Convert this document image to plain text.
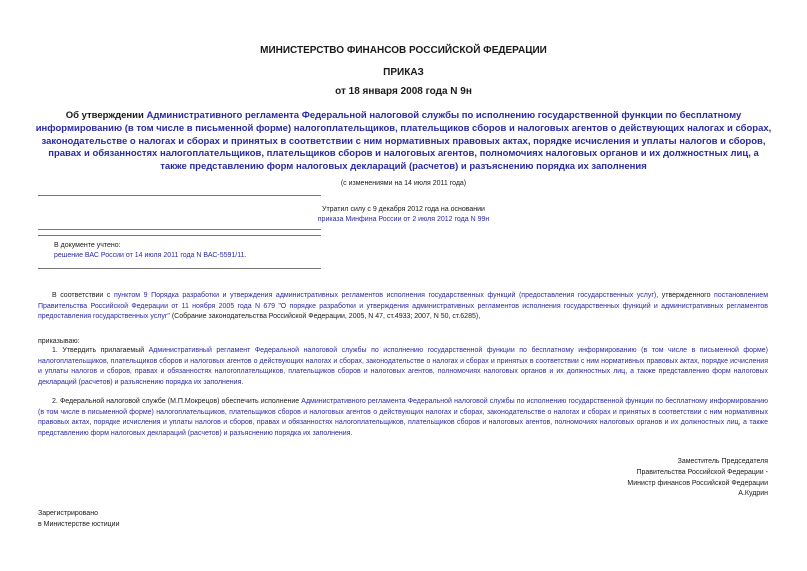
МИНИСТЕРСТВО ФИНАНСОВ РОССИЙСКОЙ ФЕДЕРАЦИИ
ПРИКАЗ
от 18 января 2008 года N 9н
Об утверждении Административного регламента Федеральной налоговой службы по исполнению государственной функции по бесплатному информированию (в том числе в письменной форме) налогоплательщиков, плательщиков сборов и налоговых агентов о действующих налогах и сборах, законодательстве о налогах и сборах и принятых в соответствии с ним нормативных правовых актах, порядке исчисления и уплаты налогов и сборов, правах и обязанностях налогоплательщиков, плательщиков сборов и налоговых агентов, полномочиях налоговых органов и их должностных лиц, а также представлению форм налоговых деклараций (расчетов) и разъяснению порядка их заполнения
(с изменениями на 14 июля 2011 года)
Утратил силу с 9 декабря 2012 года на основании
приказа Минфина России от 2 июля 2012 года N 99н
В документе учтено:
решение ВАС России от 14 июля 2011 года N ВАС-5591/11.
В соответствии с пунктом 9 Порядка разработки и утверждения административных регламентов исполнения государственных функций (предоставления государственных услуг), утвержденного постановлением Правительства Российской Федерации от 11 ноября 2005 года N 679 "О порядке разработки и утверждения административных регламентов исполнения государственных функций и административных регламентов предоставления государственных услуг" (Собрание законодательства Российской Федерации, 2005, N 47, ст.4933; 2007, N 50, ст.6285),
приказываю:
1. Утвердить прилагаемый Административный регламент Федеральной налоговой службы по исполнению государственной функции по бесплатному информированию (в том числе в письменной форме) налогоплательщиков, плательщиков сборов и налоговых агентов о действующих налогах и сборах, законодательстве о налогах и сборах и принятых в соответствии с ним нормативных правовых актах, порядке исчисления и уплаты налогов и сборов, правах и обязанностях налогоплательщиков, плательщиков сборов и налоговых агентов, полномочиях налоговых органов и их должностных лиц, а также представлению форм налоговых деклараций (расчетов) и разъяснению порядка их заполнения.
2. Федеральной налоговой службе (М.П.Мокрецов) обеспечить исполнение Административного регламента Федеральной налоговой службы по исполнению государственной функции по бесплатному информированию (в том числе в письменной форме) налогоплательщиков, плательщиков сборов и налоговых агентов о действующих налогах и сборах, законодательстве о налогах и сборах и принятых в соответствии с ним нормативных правовых актах, порядке исчисления и уплаты налогов и сборов, правах и обязанностях налогоплательщиков, плательщиков сборов и налоговых агентов, полномочиях налоговых органов и их должностных лиц, а также представлению форм налоговых деклараций (расчетов) и разъяснению порядка их заполнения.
Заместитель Председателя
Правительства Российской Федерации -
Министр финансов Российской Федерации
А.Кудрин
Зарегистрировано
в Министерстве юстиции
